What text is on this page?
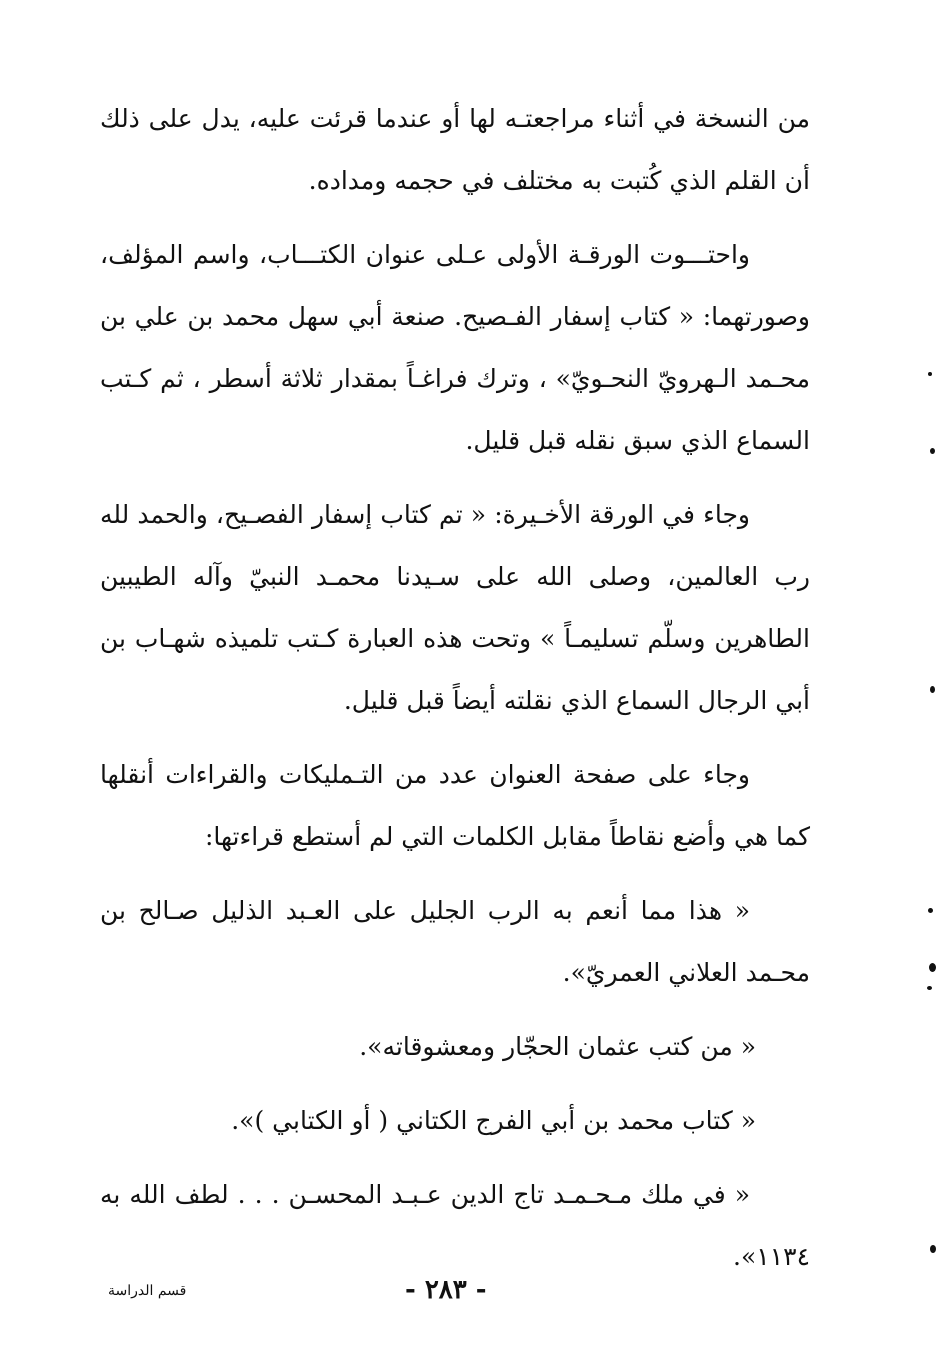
من النسخة في أثناء مراجعتـه لها أو عندما قرئت عليه، يدل على ذلك أن القلم الذي كُتبت به مختلف في حجمه ومداده.

واحتـــوت الورقـة الأولى عـلى عنوان الكتـــاب، واسم المؤلف، وصورتهما: « كتاب إسفار الفـصيح. صنعة أبي سهل محمد بن علي بن محـمد الـهرويّ النحـويّ» ، وترك فراغـاً بمقدار ثلاثة أسطر ، ثم كـتب السماع الذي سبق نقله قبل قليل.

وجاء في الورقة الأخـيرة: « تم كتاب إسفار الفصـيح، والحمد لله رب العالمين، وصلى الله على سـيدنا محمـد النبيّ وآله الطيبين الطاهرين وسلّم تسليمـاً » وتحت هذه العبارة كـتب تلميذه شهـاب بن أبي الرجال السماع الذي نقلته أيضاً قبل قليل.

وجاء على صفحة العنوان عدد من التـمليكات والقراءات أنقلها كما هي وأضع نقاطاً مقابل الكلمات التي لم أستطع قراءتها:

« هذا مما أنعم به الرب الجليل على العـبد الذليل صـالح بن محـمد العلاني العمريّ».

« من كتب عثمان الحجّار ومعشوقاته».

« كتاب محمد بن أبي الفرج الكتاني ( أو الكتابي )».

« في ملك مـحـمـد تاج الدين عـبـد المحسـن . . . لطف الله به ١١٣٤».

- ٢٨٣ -
قسم الدراسة
